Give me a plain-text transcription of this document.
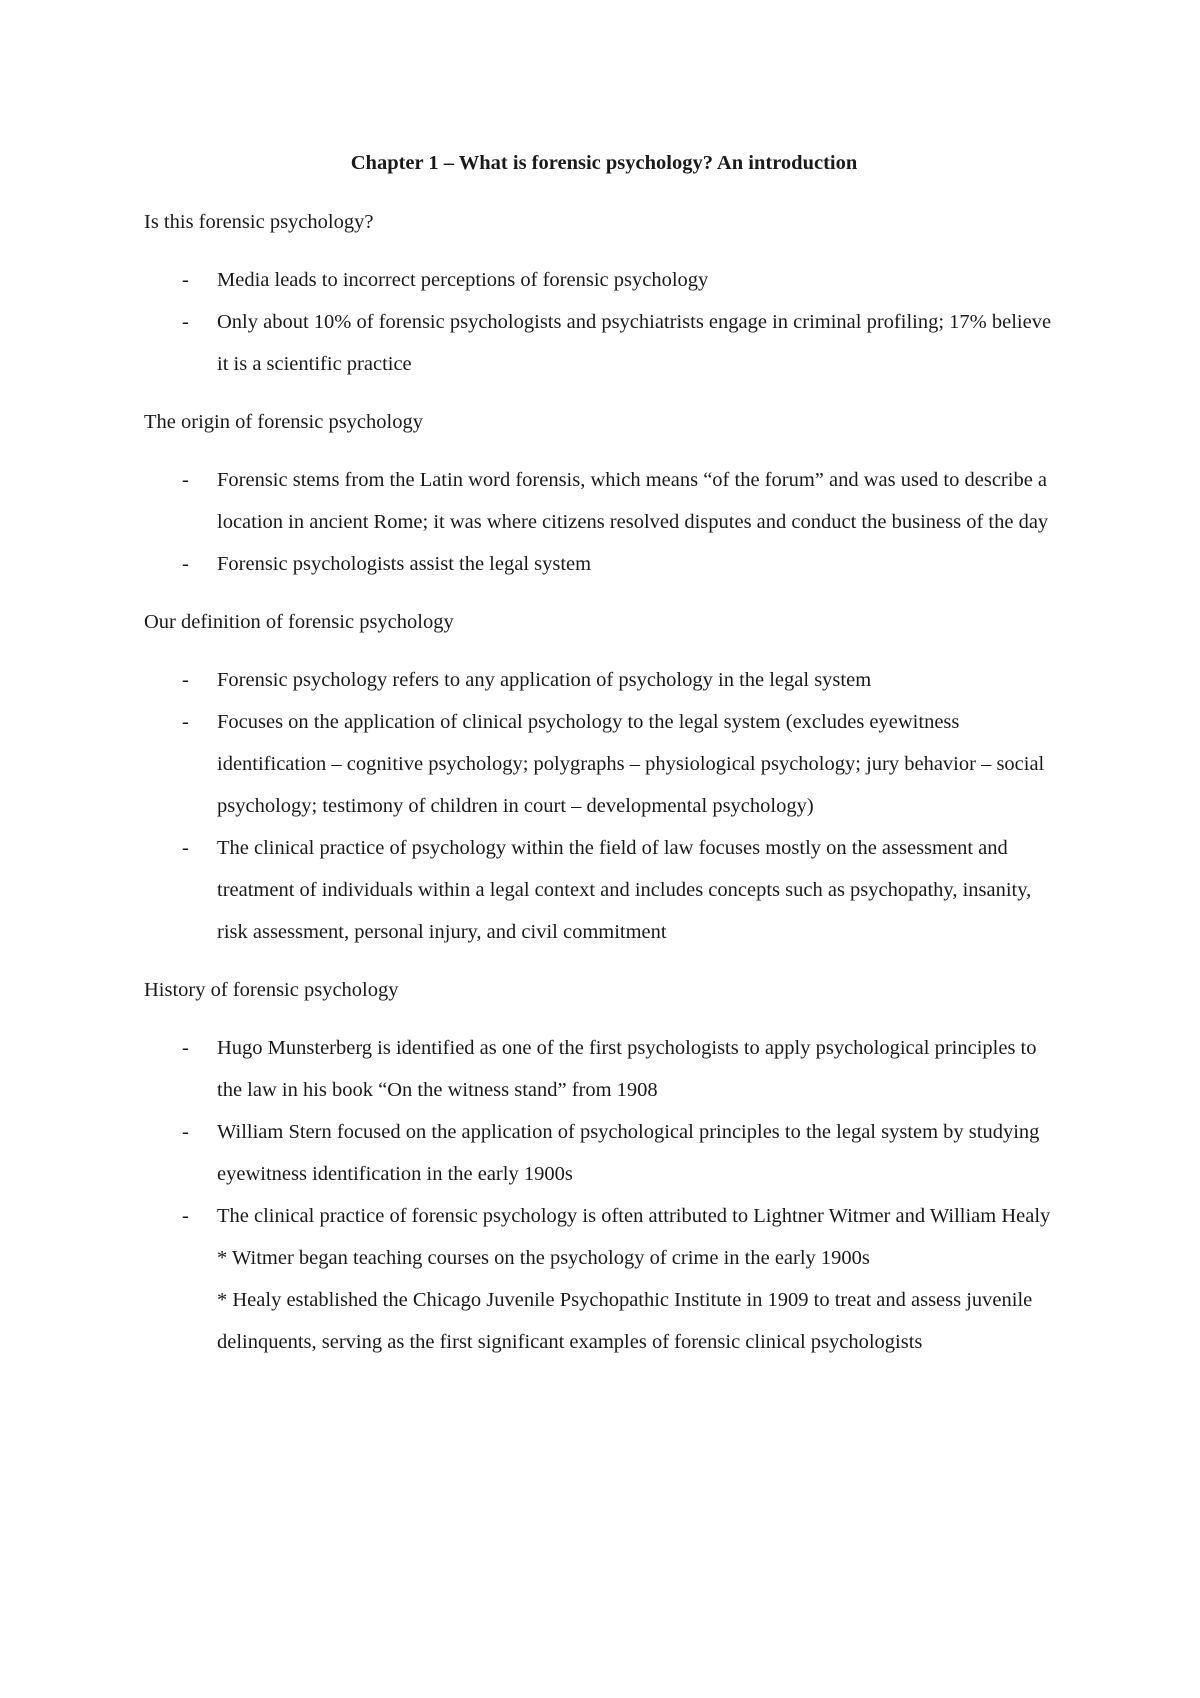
Chapter 1 – What is forensic psychology? An introduction
Is this forensic psychology?
- Media leads to incorrect perceptions of forensic psychology
- Only about 10% of forensic psychologists and psychiatrists engage in criminal profiling; 17% believe it is a scientific practice
The origin of forensic psychology
- Forensic stems from the Latin word forensis, which means “of the forum” and was used to describe a location in ancient Rome; it was where citizens resolved disputes and conduct the business of the day
- Forensic psychologists assist the legal system
Our definition of forensic psychology
- Forensic psychology refers to any application of psychology in the legal system
- Focuses on the application of clinical psychology to the legal system (excludes eyewitness identification – cognitive psychology; polygraphs – physiological psychology; jury behavior – social psychology; testimony of children in court – developmental psychology)
- The clinical practice of psychology within the field of law focuses mostly on the assessment and treatment of individuals within a legal context and includes concepts such as psychopathy, insanity, risk assessment, personal injury, and civil commitment
History of forensic psychology
- Hugo Munsterberg is identified as one of the first psychologists to apply psychological principles to the law in his book “On the witness stand” from 1908
- William Stern focused on the application of psychological principles to the legal system by studying eyewitness identification in the early 1900s
- The clinical practice of forensic psychology is often attributed to Lightner Witmer and William Healy
* Witmer began teaching courses on the psychology of crime in the early 1900s
* Healy established the Chicago Juvenile Psychopathic Institute in 1909 to treat and assess juvenile delinquents, serving as the first significant examples of forensic clinical psychologists
